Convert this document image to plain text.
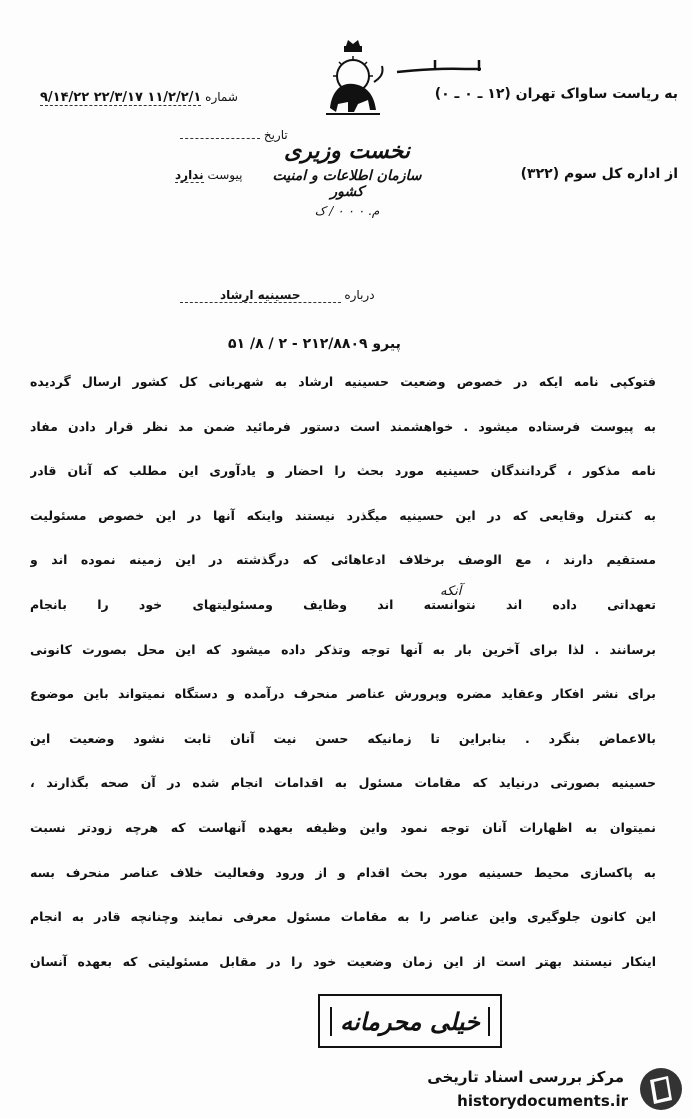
به ریاست ساواک تهران (۱۲ ـ ۰ ـ ۰)
از اداره کل سوم (۳۲۲)
شماره ۱۱/۲/۲/۱ ۲۲/۳/۱۷ ۹/۱۴/۲۲
تاریخ
پیوست ندارد
نخست وزیری
سازمان اطلاعات و امنیت کشور
م. ۰ ۰ ۰ / ک
درباره حسینیه ارشاد
پیرو ۲۱۲/۸۸۰۹ - ۲ / ۸/ ۵۱
آنکه
فتوکپی نامه ایکه در خصوص وضعیت حسینیه ارشاد به شهربانی کل کشور ارسال گردیده
به پیوست فرستاده میشود . خواهشمند است دستور فرمائید ضمن مد نظر قرار دادن مفاد
نامه مذکور ، گردانندگان حسینیه مورد بحث را احضار و یادآوری این مطلب که آنان قادر
به کنترل وقایعی که در این حسینیه میگذرد نیستند واینکه آنها در این خصوص مسئولیت
مستقیم دارند ، مع الوصف برخلاف ادعاهائی که درگذشته در این زمینه نموده اند و
تعهداتی داده اند نتوانسته اند وظایف ومسئولیتهای خود را بانجام
برسانند . لذا برای آخرین بار به آنها توجه وتذکر داده میشود که این محل بصورت کانونی
برای نشر افکار وعقاید مضره وپرورش عناصر منحرف درآمده و دستگاه نمیتواند باین موضوع
بالاعماض بنگرد . بنابراین تا زمانیکه حسن نیت آنان ثابت نشود وضعیت این
حسینیه بصورتی درنیاید که مقامات مسئول به اقدامات انجام شده در آن صحه بگذارند ،
نمیتوان به اظهارات آنان توجه نمود واین وظیفه بعهده آنهاست که هرچه زودتر نسبت
به پاکسازی محیط حسینیه مورد بحث اقدام و از ورود وفعالیت خلاف عناصر منحرف بسه
این کانون جلوگیری واین عناصر را به مقامات مسئول معرفی نمایند وچنانچه قادر به انجام
اینکار نیستند بهتر است از این زمان وضعیت خود را در مقابل مسئولیتی که بعهده آنسان
خیلی محرمانه
مرکز بررسی اسناد تاریخی
historydocuments.ir
